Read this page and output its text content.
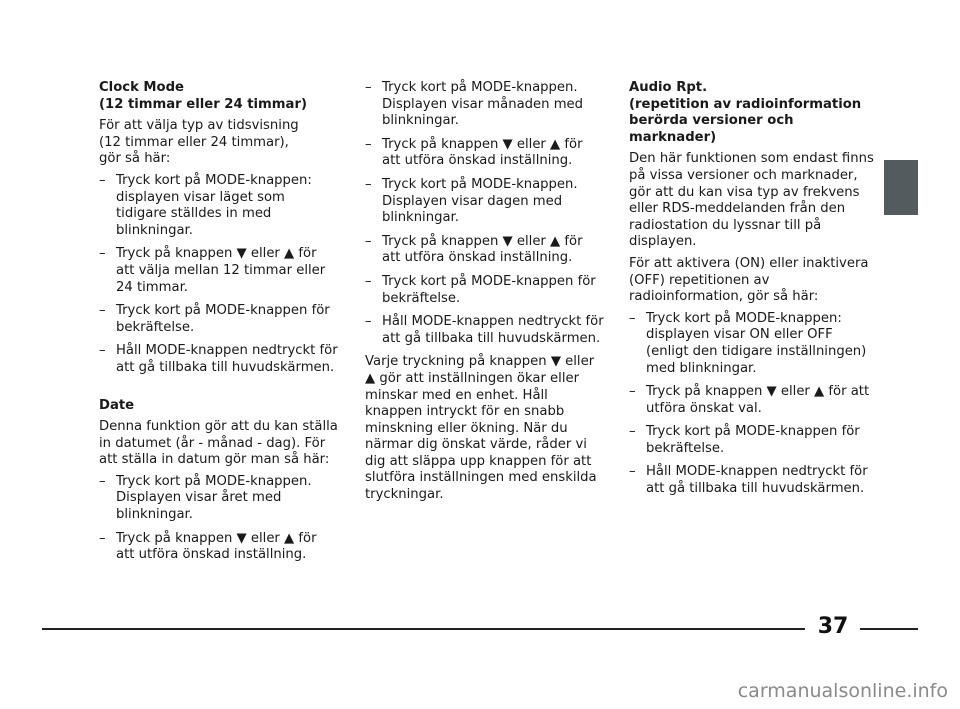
Clock Mode
(12 timmar eller 24 timmar)
För att välja typ av tidsvisning
(12 timmar eller 24 timmar),
gör så här:
– Tryck kort på MODE-knappen: displayen visar läget som tidigare ställdes in med blinkningar.
– Tryck på knappen ▼ eller ▲ för att välja mellan 12 timmar eller 24 timmar.
– Tryck kort på MODE-knappen för bekräftelse.
– Håll MODE-knappen nedtryckt för att gå tillbaka till huvudskärmen.
Date
Denna funktion gör att du kan ställa in datumet (år - månad - dag). För att ställa in datum gör man så här:
– Tryck kort på MODE-knappen. Displayen visar året med blinkningar.
– Tryck på knappen ▼ eller ▲ för att utföra önskad inställning.
– Tryck kort på MODE-knappen. Displayen visar månaden med blinkningar.
– Tryck på knappen ▼ eller ▲ för att utföra önskad inställning.
– Tryck kort på MODE-knappen. Displayen visar dagen med blinkningar.
– Tryck på knappen ▼ eller ▲ för att utföra önskad inställning.
– Tryck kort på MODE-knappen för bekräftelse.
– Håll MODE-knappen nedtryckt för att gå tillbaka till huvudskärmen.
Varje tryckning på knappen ▼ eller ▲ gör att inställningen ökar eller minskar med en enhet. Håll knappen intryckt för en snabb minskning eller ökning. När du närmar dig önskat värde, råder vi dig att släppa upp knappen för att slutföra inställningen med enskilda tryckningar.
Audio Rpt.
(repetition av radioinformation berörda versioner och marknader)
Den här funktionen som endast finns på vissa versioner och marknader, gör att du kan visa typ av frekvens eller RDS-meddelanden från den radiostation du lyssnar till på displayen.
För att aktivera (ON) eller inaktivera (OFF) repetitionen av radioinformation, gör så här:
– Tryck kort på MODE-knappen: displayen visar ON eller OFF (enligt den tidigare inställningen) med blinkningar.
– Tryck på knappen ▼ eller ▲ för att utföra önskat val.
– Tryck kort på MODE-knappen för bekräftelse.
– Håll MODE-knappen nedtryckt för att gå tillbaka till huvudskärmen.
37
carmanualsonline.info
